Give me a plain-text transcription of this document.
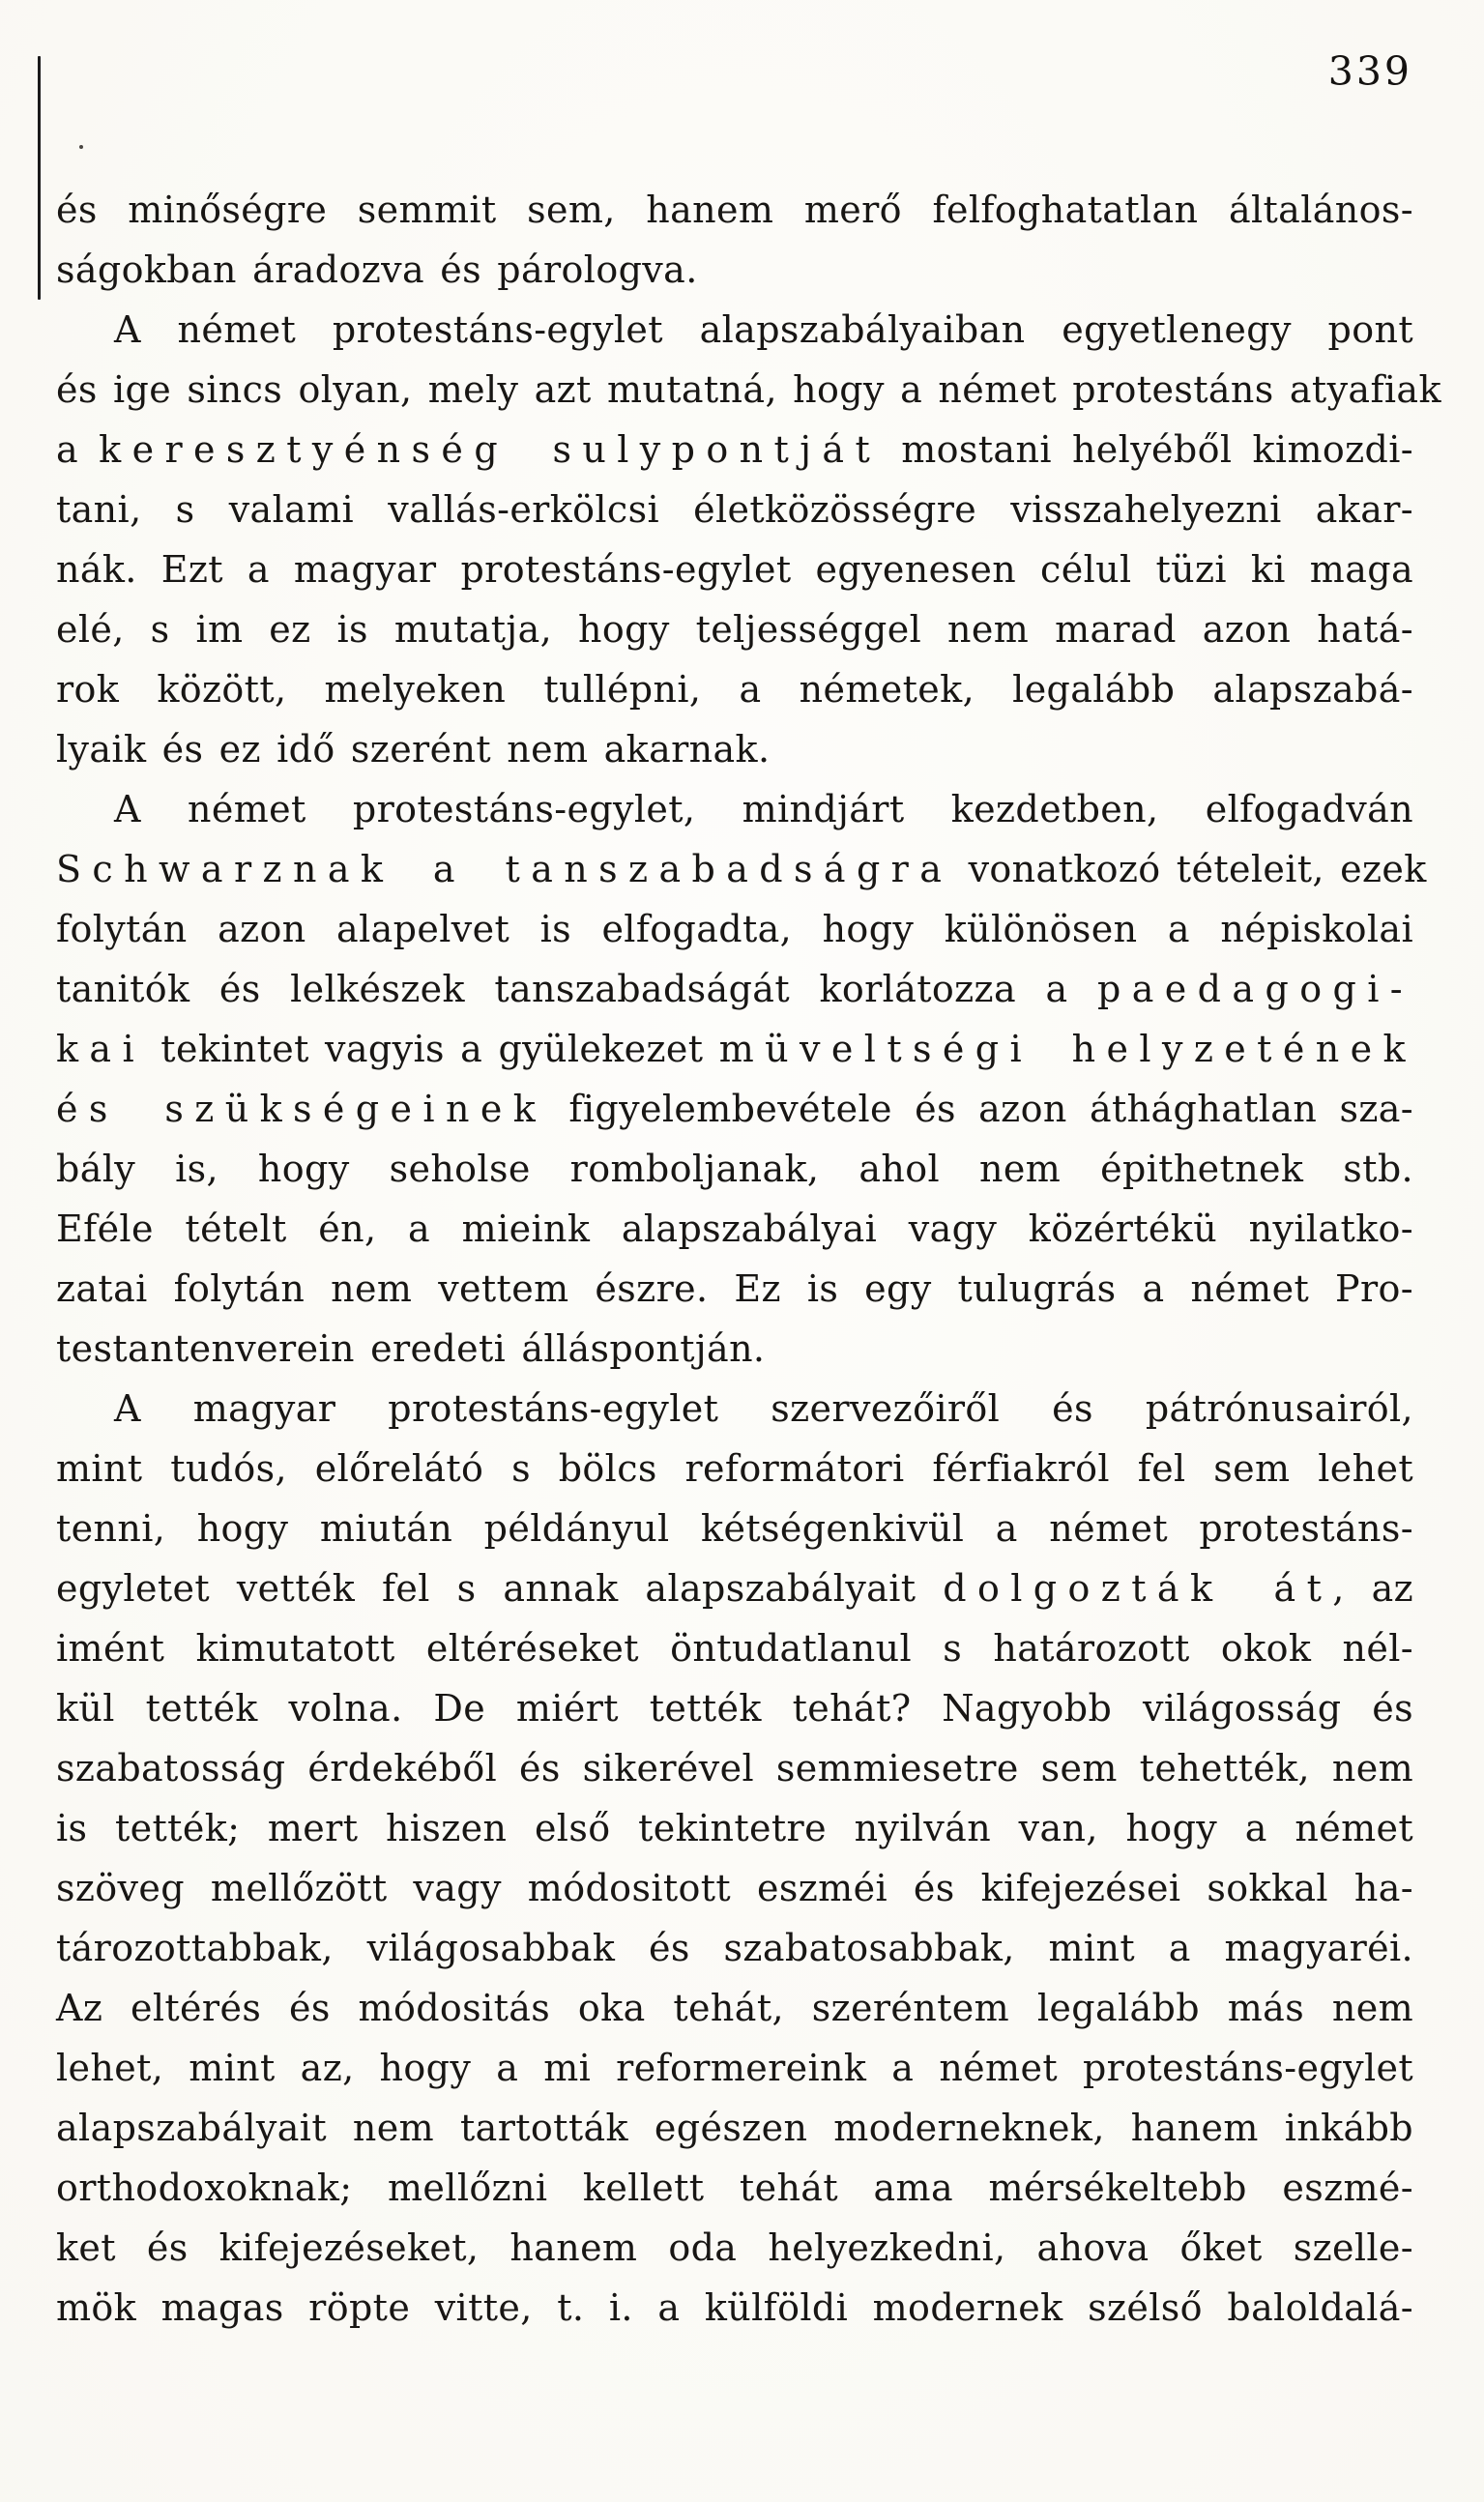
339
és minőségre semmit sem, hanem merő felfoghatatlan általános-
ságokban áradozva és párologva.
A német protestáns-egylet alapszabályaiban egyetlenegy pont
és ige sincs olyan, mely azt mutatná, hogy a német protestáns atyafiak
a keresztyénség sulypontját mostani helyéből kimozdi-
tani, s valami vallás-erkölcsi életközösségre visszahelyezni akar-
nák. Ezt a magyar protestáns-egylet egyenesen célul tüzi ki maga
elé, s im ez is mutatja, hogy teljességgel nem marad azon hatá-
rok között, melyeken tullépni, a németek, legalább alapszabá-
lyaik és ez idő szerént nem akarnak.
A német protestáns-egylet, mindjárt kezdetben, elfogadván
Schwarznak a tanszabadságra vonatkozó tételeit, ezek
folytán azon alapelvet is elfogadta, hogy különösen a népiskolai
tanitók és lelkészek tanszabadságát korlátozza a paedagogi-
kai tekintet vagyis a gyülekezet müveltségi helyzetének
és szükségeinek figyelembevétele és azon áthághatlan sza-
bály is, hogy seholse romboljanak, ahol nem épithetnek stb.
Eféle tételt én, a mieink alapszabályai vagy közértékü nyilatko-
zatai folytán nem vettem észre. Ez is egy tulugrás a német Pro-
testantenverein eredeti álláspontján.
A magyar protestáns-egylet szervezőiről és pátrónusairól,
mint tudós, előrelátó s bölcs reformátori férfiakról fel sem lehet
tenni, hogy miután példányul kétségenkivül a német protestáns-
egyletet vették fel s annak alapszabályait dolgozták át, az
imént kimutatott eltéréseket öntudatlanul s határozott okok nél-
kül tették volna. De miért tették tehát? Nagyobb világosság és
szabatosság érdekéből és sikerével semmiesetre sem tehették, nem
is tették; mert hiszen első tekintetre nyilván van, hogy a német
szöveg mellőzött vagy módositott eszméi és kifejezései sokkal ha-
tározottabbak, világosabbak és szabatosabbak, mint a magyaréi.
Az eltérés és módositás oka tehát, szeréntem legalább más nem
lehet, mint az, hogy a mi reformereink a német protestáns-egylet
alapszabályait nem tartották egészen moderneknek, hanem inkább
orthodoxoknak; mellőzni kellett tehát ama mérsékeltebb eszmé-
ket és kifejezéseket, hanem oda helyezkedni, ahova őket szelle-
mök magas röpte vitte, t. i. a külföldi modernek szélső baloldalá-
